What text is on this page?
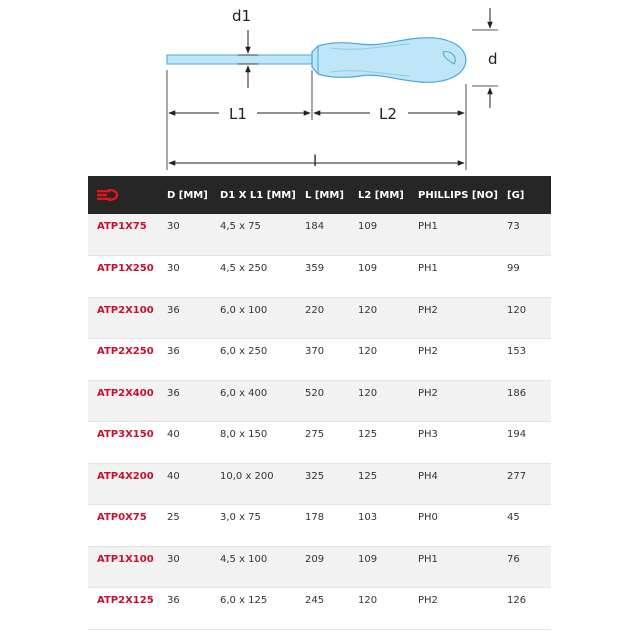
d1
d
L1	L2
l
	D [MM]	D1 X L1 [MM]	L [MM]	L2 [MM]	PHILLIPS [NO]	[G]
ATP1X75	30	4,5 x 75	184	109	PH1	73
ATP1X250	30	4,5 x 250	359	109	PH1	99
ATP2X100	36	6,0 x 100	220	120	PH2	120
ATP2X250	36	6,0 x 250	370	120	PH2	153
ATP2X400	36	6,0 x 400	520	120	PH2	186
ATP3X150	40	8,0 x 150	275	125	PH3	194
ATP4X200	40	10,0 x 200	325	125	PH4	277
ATP0X75	25	3,0 x 75	178	103	PH0	45
ATP1X100	30	4,5 x 100	209	109	PH1	76
ATP2X125	36	6,0 x 125	245	120	PH2	126
